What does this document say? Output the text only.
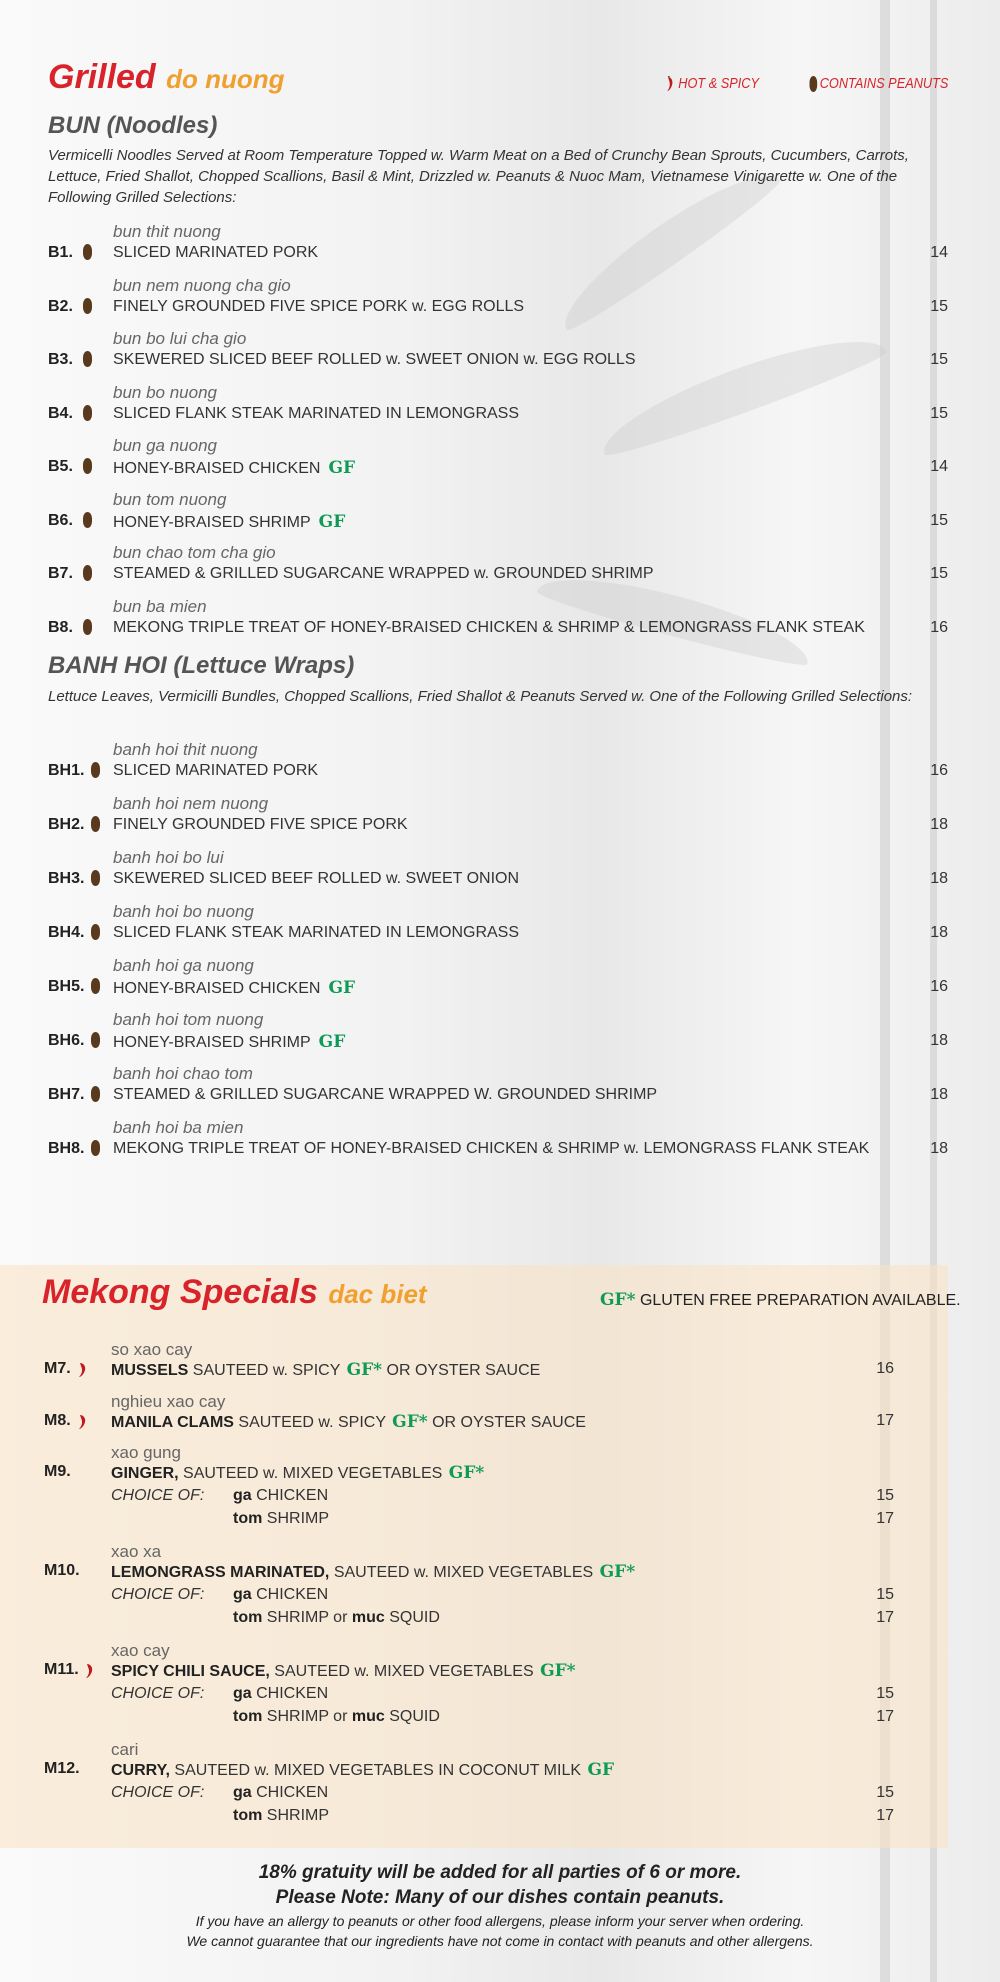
Grilled do nuong	HOT & SPICY	CONTAINS PEANUTS
BUN (Noodles)
Vermicelli Noodles Served at Room Temperature Topped w. Warm Meat on a Bed of Crunchy Bean Sprouts, Cucumbers, Carrots, Lettuce, Fried Shallot, Chopped Scallions, Basil & Mint, Drizzled w. Peanuts & Nuoc Mam, Vietnamese Vinigarette w. One of the Following Grilled Selections:
bun thit nuong
B1.	SLICED MARINATED PORK	14
bun nem nuong cha gio
B2.	FINELY GROUNDED FIVE SPICE PORK w. EGG ROLLS	15
bun bo lui cha gio
B3.	SKEWERED SLICED BEEF ROLLED w. SWEET ONION w. EGG ROLLS	15
bun bo nuong
B4.	SLICED FLANK STEAK MARINATED IN LEMONGRASS	15
bun ga nuong
B5.	HONEY-BRAISED CHICKEN GF	14
bun tom nuong
B6.	HONEY-BRAISED SHRIMP GF	15
bun chao tom cha gio
B7.	STEAMED & GRILLED SUGARCANE WRAPPED w. GROUNDED SHRIMP	15
bun ba mien
B8.	MEKONG TRIPLE TREAT OF HONEY-BRAISED CHICKEN & SHRIMP & LEMONGRASS FLANK STEAK	16
BANH HOI (Lettuce Wraps)
Lettuce Leaves, Vermicilli Bundles, Chopped Scallions, Fried Shallot & Peanuts Served w. One of the Following Grilled Selections:
banh hoi thit nuong
BH1. SLICED MARINATED PORK	16
banh hoi nem nuong
BH2. FINELY GROUNDED FIVE SPICE PORK	18
banh hoi bo lui
BH3. SKEWERED SLICED BEEF ROLLED w. SWEET ONION	18
banh hoi bo nuong
BH4. SLICED FLANK STEAK MARINATED IN LEMONGRASS	18
banh hoi ga nuong
BH5. HONEY-BRAISED CHICKEN GF	16
banh hoi tom nuong
BH6. HONEY-BRAISED SHRIMP GF	18
banh hoi chao tom
BH7. STEAMED & GRILLED SUGARCANE WRAPPED W. GROUNDED SHRIMP	18
banh hoi ba mien
BH8. MEKONG TRIPLE TREAT OF HONEY-BRAISED CHICKEN & SHRIMP w. LEMONGRASS FLANK STEAK	18
Mekong Specials dac biet	GF* GLUTEN FREE PREPARATION AVAILABLE.
so xao cay
M7.	MUSSELS SAUTEED w. SPICY GF* OR OYSTER SAUCE	16
nghieu xao cay
M8.	MANILA CLAMS SAUTEED w. SPICY GF* OR OYSTER SAUCE	17
xao gung
M9.	GINGER, SAUTEED w. MIXED VEGETABLES GF*
CHOICE OF: ga CHICKEN	15
tom SHRIMP	17
xao xa
M10. LEMONGRASS MARINATED, SAUTEED w. MIXED VEGETABLES GF*
CHOICE OF: ga CHICKEN	15
tom SHRIMP or muc SQUID	17
xao cay
M11. SPICY CHILI SAUCE, SAUTEED w. MIXED VEGETABLES GF*
CHOICE OF: ga CHICKEN	15
tom SHRIMP or muc SQUID	17
cari
M12. CURRY, SAUTEED w. MIXED VEGETABLES IN COCONUT MILK GF
CHOICE OF: ga CHICKEN	15
tom SHRIMP	17
18% gratuity will be added for all parties of 6 or more.
Please Note: Many of our dishes contain peanuts.
If you have an allergy to peanuts or other food allergens, please inform your server when ordering.
We cannot guarantee that our ingredients have not come in contact with peanuts and other allergens.
